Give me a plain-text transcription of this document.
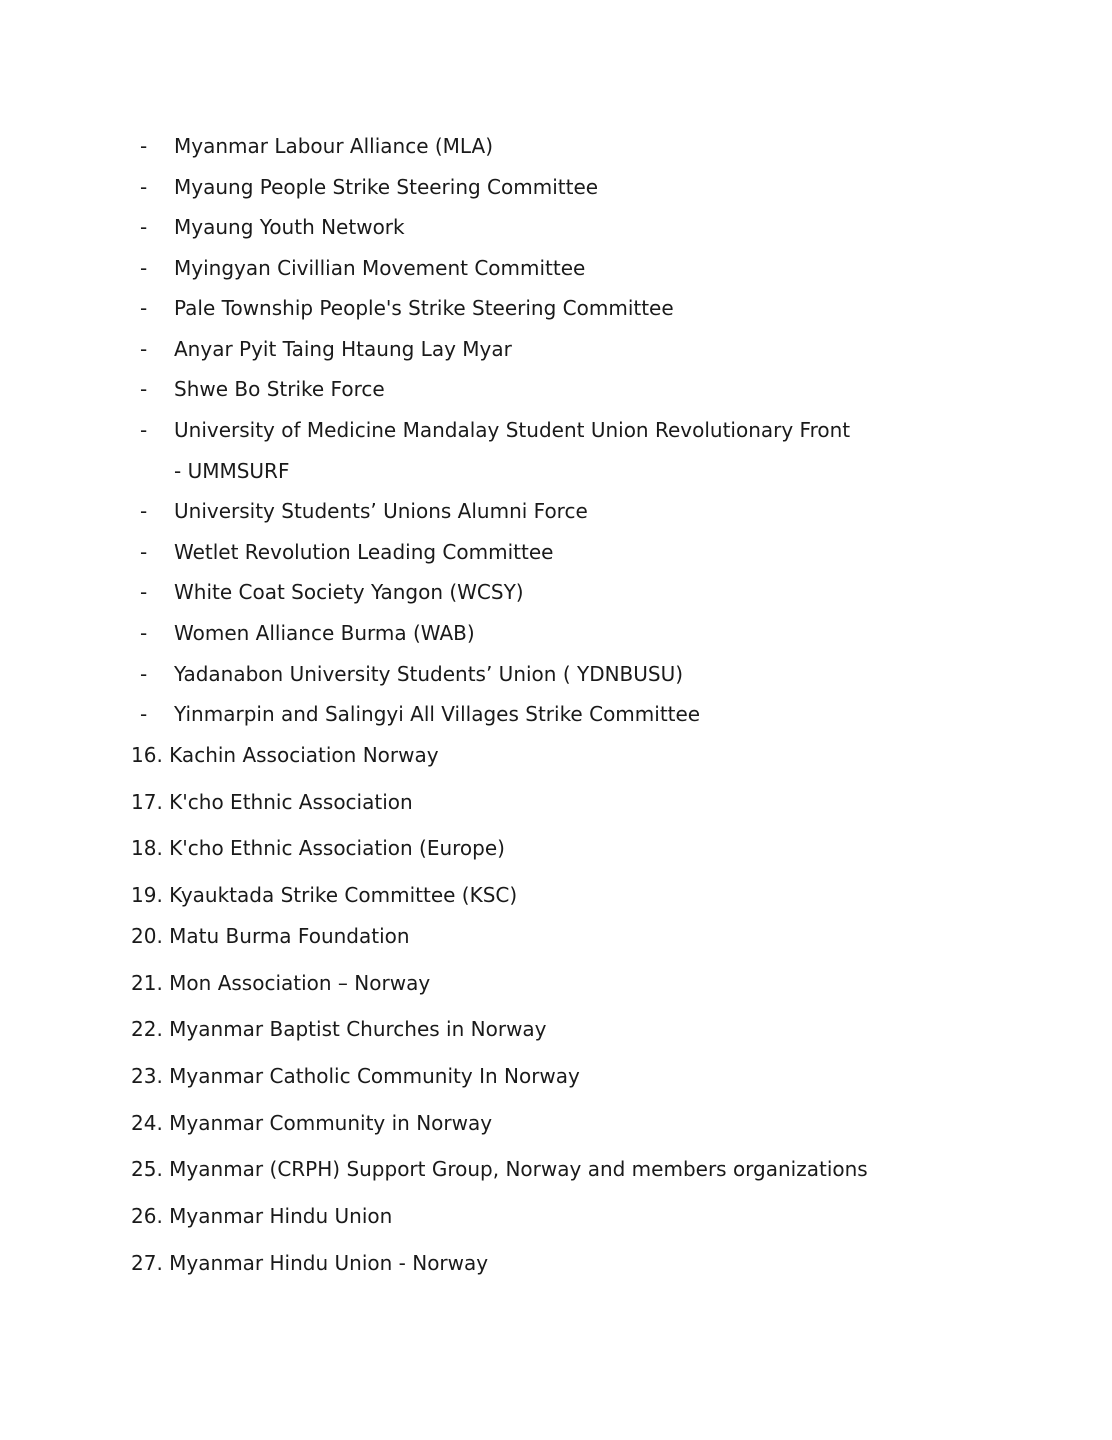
- Myanmar Labour Alliance (MLA)
- Myaung People Strike Steering Committee
- Myaung Youth Network
- Myingyan Civillian Movement Committee
- Pale Township People's Strike Steering Committee
- Anyar Pyit Taing Htaung Lay Myar
- Shwe Bo Strike Force
- University of Medicine Mandalay Student Union Revolutionary Front
- UMMSURF
- University Students’ Unions Alumni Force
- Wetlet Revolution Leading Committee
- White Coat Society Yangon (WCSY)
- Women Alliance Burma (WAB)
- Yadanabon University Students’ Union ( YDNBUSU)
- Yinmarpin and Salingyi All Villages Strike Committee
16. Kachin Association Norway
17. K'cho Ethnic Association
18. K'cho Ethnic Association (Europe)
19. Kyauktada Strike Committee (KSC)
20. Matu Burma Foundation
21. Mon Association – Norway
22. Myanmar Baptist Churches in Norway
23. Myanmar Catholic Community In Norway
24. Myanmar Community in Norway
25. Myanmar (CRPH) Support Group, Norway and members organizations
26. Myanmar Hindu Union
27. Myanmar Hindu Union - Norway
